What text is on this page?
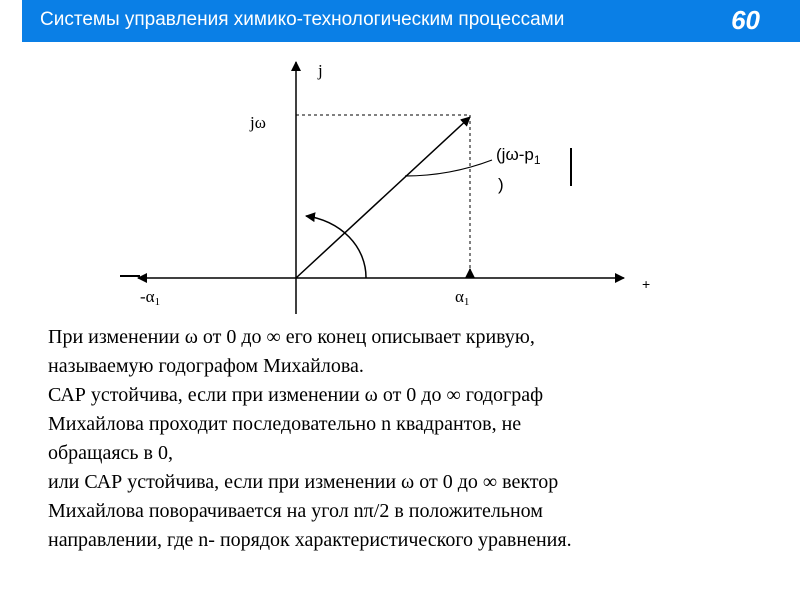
Системы управления химико-технологическим процессами	60
j
jω
-α1	α1
+
($j\omega-p_1$
)
При изменении ω от 0 до ∞ его конец описывает кривую,
называемую годографом Михайлова.
САР устойчива, если при изменении ω от 0 до ∞ годограф
Михайлова проходит последовательно n квадрантов, не
обращаясь в 0,
или САР устойчива, если при изменении ω от 0 до ∞ вектор
Михайлова поворачивается на угол nπ/2 в положительном
направлении, где n- порядок характеристического уравнения.
